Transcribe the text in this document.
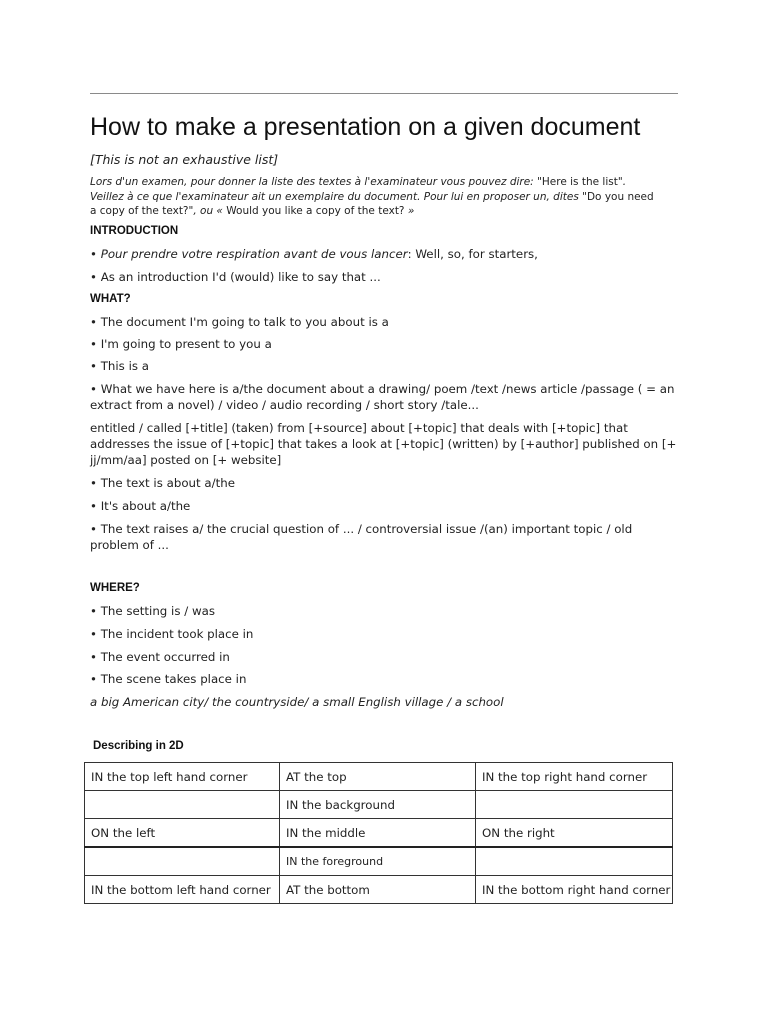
How to make a presentation on a given document
[This is not an exhaustive list]
Lors d'un examen, pour donner la liste des textes à l'examinateur vous pouvez dire: "Here is the list". Veillez à ce que l'examinateur ait un exemplaire du document. Pour lui en proposer un, dites "Do you need a copy of the text?", ou « Would you like a copy of the text? »
INTRODUCTION
• Pour prendre votre respiration avant de vous lancer: Well, so, for starters,
• As an introduction I'd (would) like to say that ...
WHAT?
• The document I'm going to talk to you about is a
• I'm going to present to you a
• This is a
• What we have here is a/the document about a drawing/ poem /text /news article /passage ( = an extract from a novel) / video / audio recording / short story /tale...
entitled / called [+title] (taken) from [+source] about [+topic] that deals with [+topic] that addresses the issue of [+topic] that takes a look at [+topic] (written) by [+author] published on [+ jj/mm/aa] posted on [+ website]
• The text is about a/the
• It's about a/the
• The text raises a/ the crucial question of ... / controversial issue /(an) important topic / old problem of ...
WHERE?
• The setting is / was
• The incident took place in
• The event occurred in
• The scene takes place in
a big American city/ the countryside/ a small English village / a school
Describing in 2D
IN the top left hand corner	AT the top	IN the top right hand corner
	IN the background	
ON the left	IN the middle	ON the right
	IN the foreground	
IN the bottom left hand corner	AT the bottom	IN the bottom right hand corner
